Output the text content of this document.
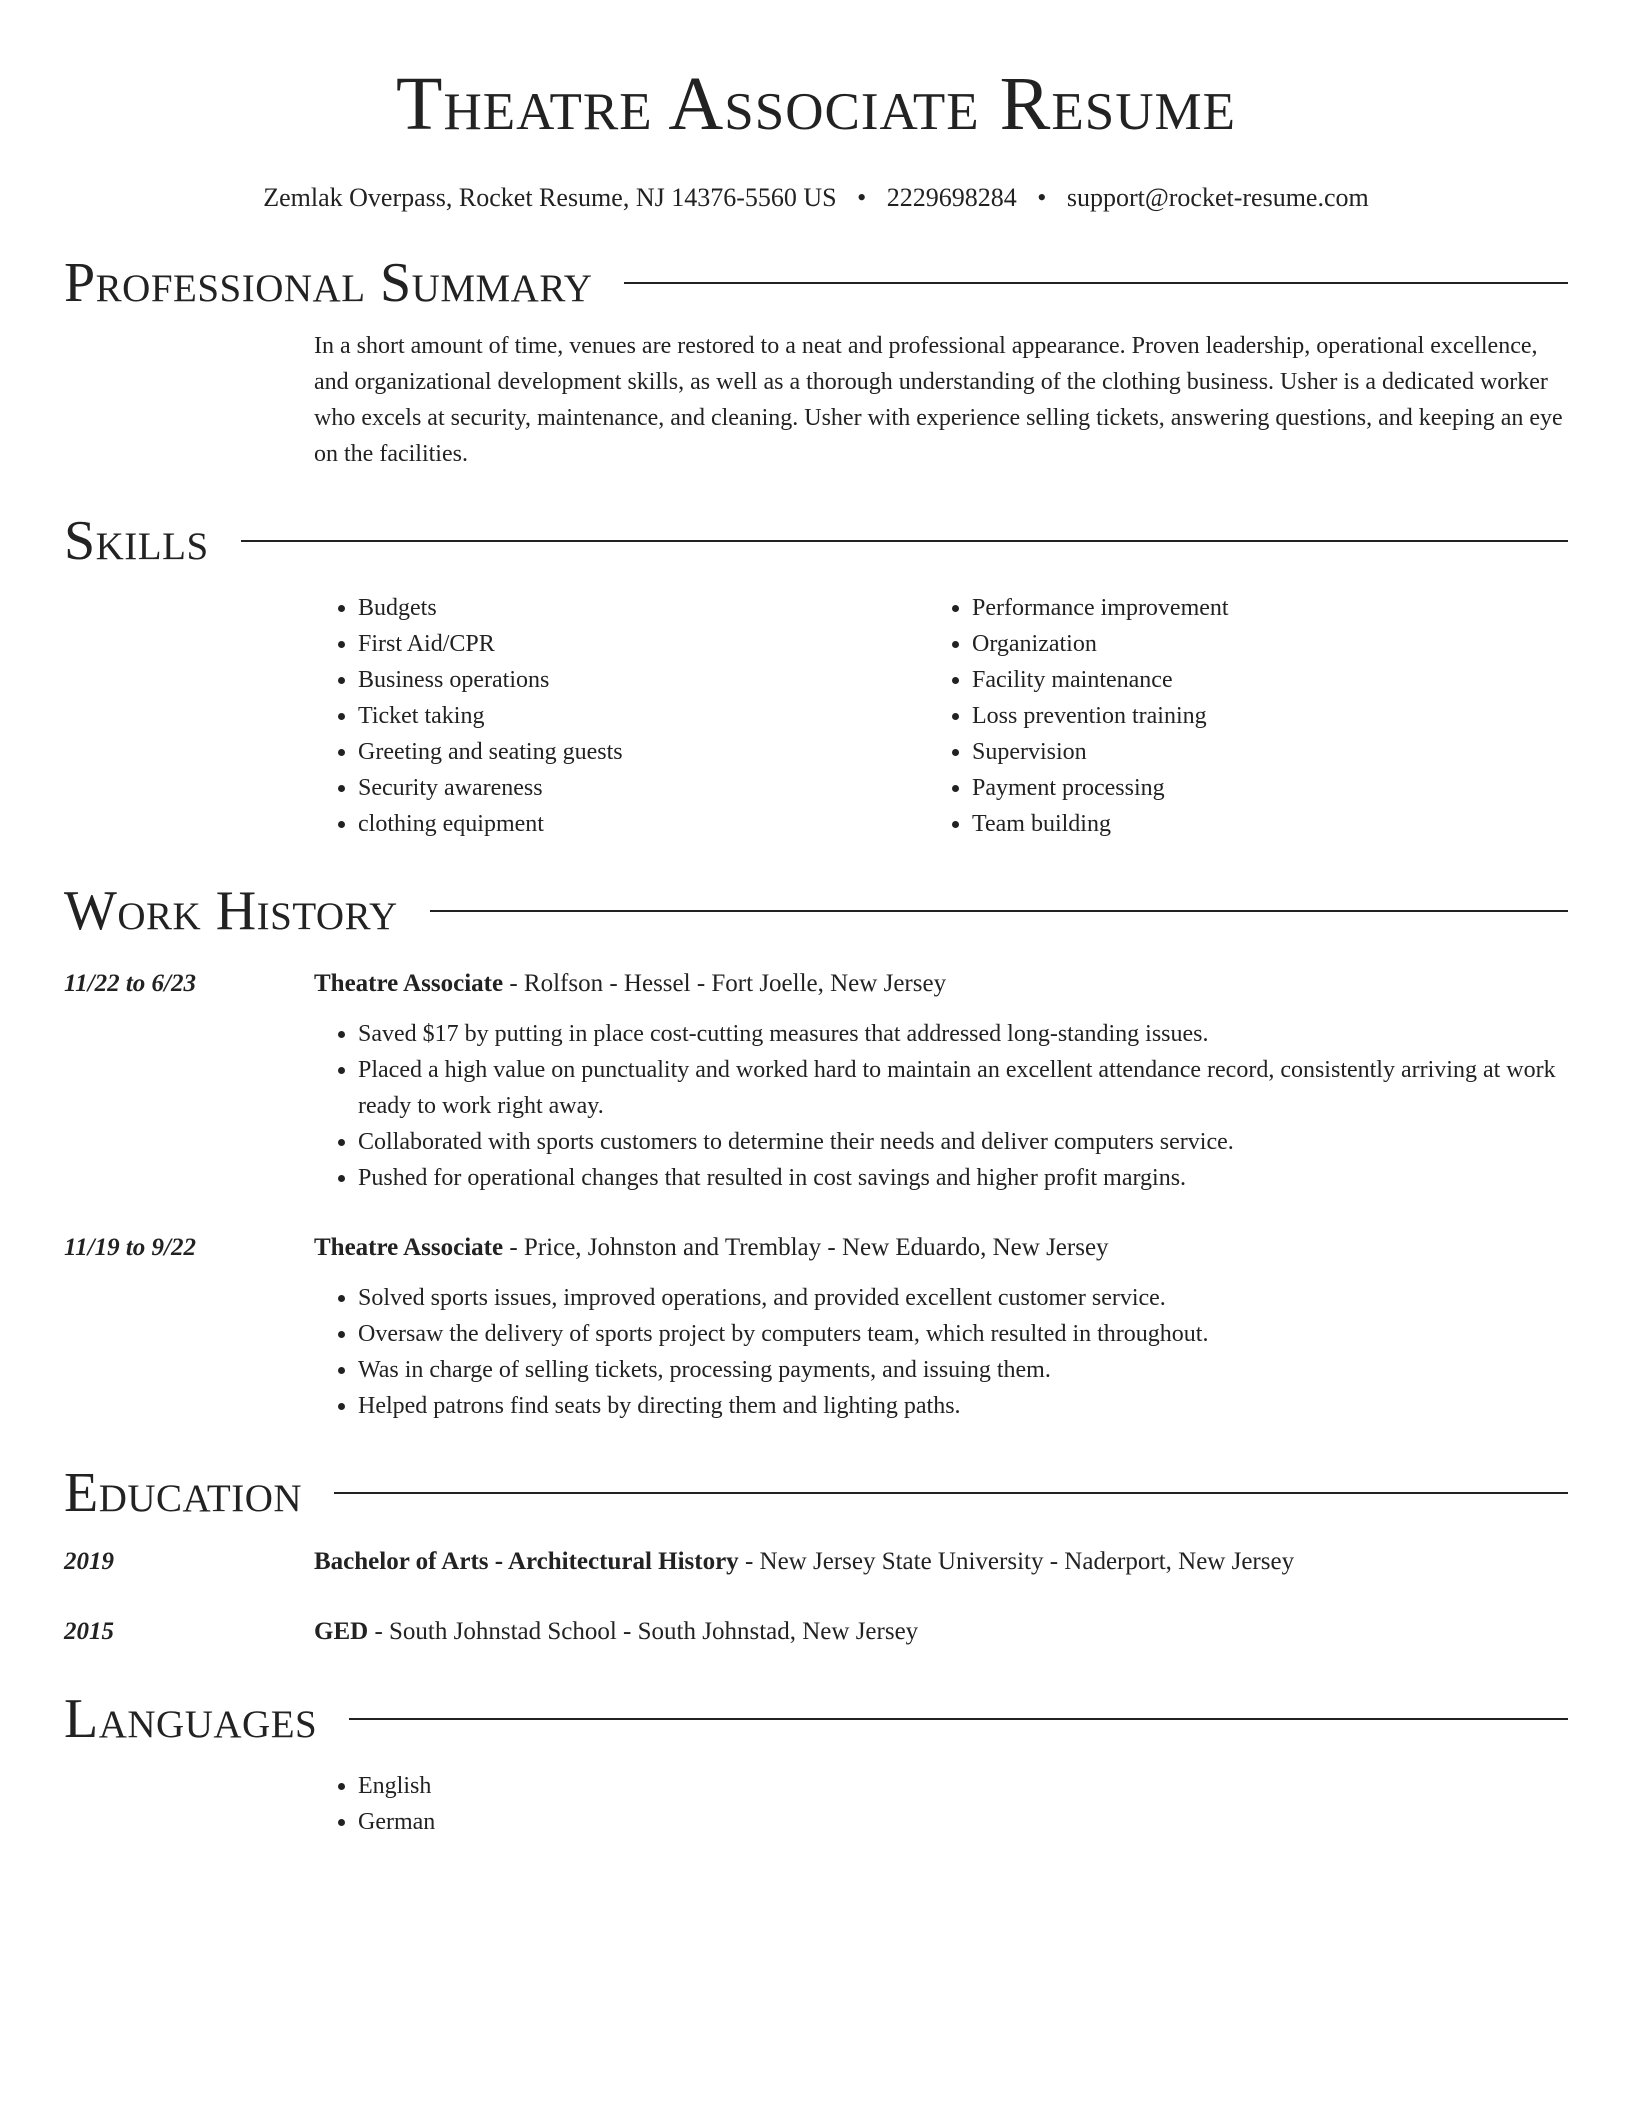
Theatre Associate Resume
Zemlak Overpass, Rocket Resume, NJ 14376-5560 US • 2229698284 • support@rocket-resume.com
Professional Summary

In a short amount of time, venues are restored to a neat and professional appearance. Proven leadership, operational excellence, and organizational development skills, as well as a thorough understanding of the clothing business. Usher is a dedicated worker who excels at security, maintenance, and cleaning. Usher with experience selling tickets, answering questions, and keeping an eye on the facilities.

Skills
• Budgets
• First Aid/CPR
• Business operations
• Ticket taking
• Greeting and seating guests
• Security awareness
• clothing equipment
• Performance improvement
• Organization
• Facility maintenance
• Loss prevention training
• Supervision
• Payment processing
• Team building
Work History
11/22 to 6/23	Theatre Associate - Rolfson - Hessel - Fort Joelle, New Jersey
• Saved $17 by putting in place cost-cutting measures that addressed long-standing issues.
• Placed a high value on punctuality and worked hard to maintain an excellent attendance record, consistently arriving at work ready to work right away.
• Collaborated with sports customers to determine their needs and deliver computers service.
• Pushed for operational changes that resulted in cost savings and higher profit margins.
11/19 to 9/22	Theatre Associate - Price, Johnston and Tremblay - New Eduardo, New Jersey
• Solved sports issues, improved operations, and provided excellent customer service.
• Oversaw the delivery of sports project by computers team, which resulted in throughout.
• Was in charge of selling tickets, processing payments, and issuing them.
• Helped patrons find seats by directing them and lighting paths.
Education
2019	Bachelor of Arts - Architectural History - New Jersey State University - Naderport, New Jersey
2015	GED - South Johnstad School - South Johnstad, New Jersey
Languages
• English
• German
